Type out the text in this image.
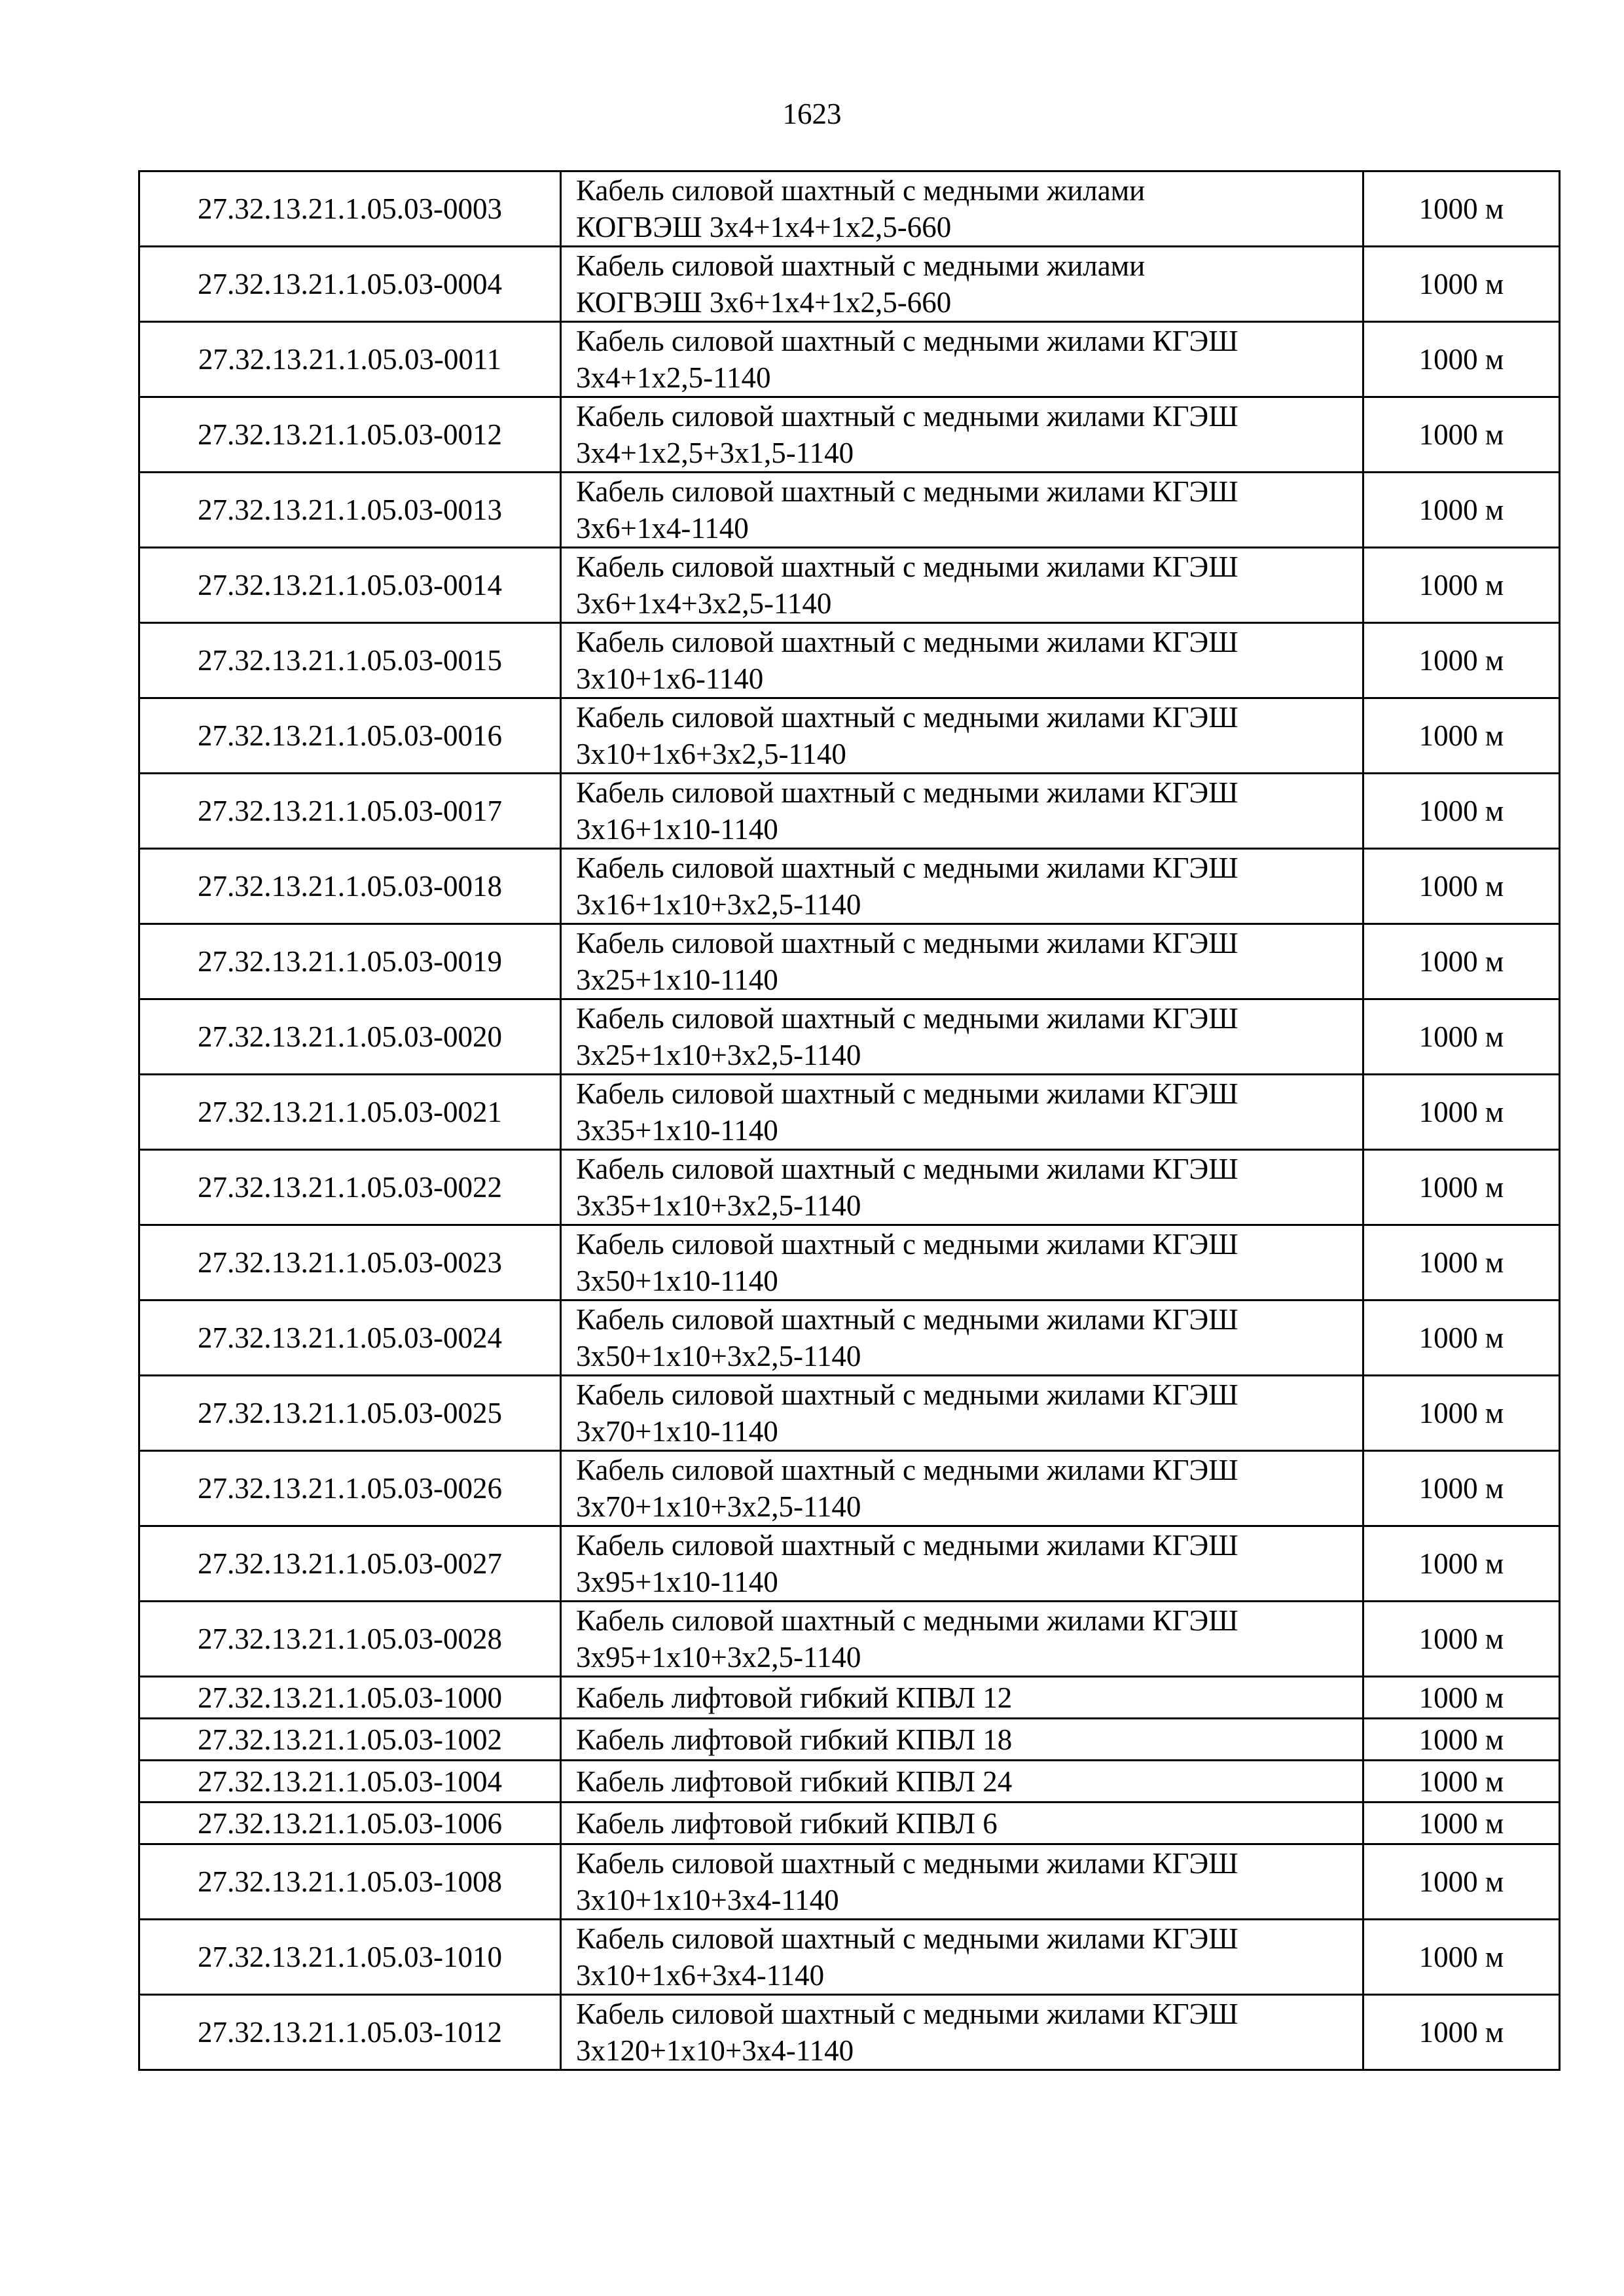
1623
27.32.13.21.1.05.03-0003	Кабель силовой шахтный с медными жилами
КОГВЭШ 3x4+1x4+1x2,5-660	1000 м
27.32.13.21.1.05.03-0004	Кабель силовой шахтный с медными жилами
КОГВЭШ 3x6+1x4+1x2,5-660	1000 м
27.32.13.21.1.05.03-0011	Кабель силовой шахтный с медными жилами КГЭШ
3x4+1x2,5-1140	1000 м
27.32.13.21.1.05.03-0012	Кабель силовой шахтный с медными жилами КГЭШ
3x4+1x2,5+3x1,5-1140	1000 м
27.32.13.21.1.05.03-0013	Кабель силовой шахтный с медными жилами КГЭШ
3x6+1x4-1140	1000 м
27.32.13.21.1.05.03-0014	Кабель силовой шахтный с медными жилами КГЭШ
3x6+1x4+3x2,5-1140	1000 м
27.32.13.21.1.05.03-0015	Кабель силовой шахтный с медными жилами КГЭШ
3x10+1x6-1140	1000 м
27.32.13.21.1.05.03-0016	Кабель силовой шахтный с медными жилами КГЭШ
3x10+1x6+3x2,5-1140	1000 м
27.32.13.21.1.05.03-0017	Кабель силовой шахтный с медными жилами КГЭШ
3x16+1x10-1140	1000 м
27.32.13.21.1.05.03-0018	Кабель силовой шахтный с медными жилами КГЭШ
3x16+1x10+3x2,5-1140	1000 м
27.32.13.21.1.05.03-0019	Кабель силовой шахтный с медными жилами КГЭШ
3x25+1x10-1140	1000 м
27.32.13.21.1.05.03-0020	Кабель силовой шахтный с медными жилами КГЭШ
3x25+1x10+3x2,5-1140	1000 м
27.32.13.21.1.05.03-0021	Кабель силовой шахтный с медными жилами КГЭШ
3x35+1x10-1140	1000 м
27.32.13.21.1.05.03-0022	Кабель силовой шахтный с медными жилами КГЭШ
3x35+1x10+3x2,5-1140	1000 м
27.32.13.21.1.05.03-0023	Кабель силовой шахтный с медными жилами КГЭШ
3x50+1x10-1140	1000 м
27.32.13.21.1.05.03-0024	Кабель силовой шахтный с медными жилами КГЭШ
3x50+1x10+3x2,5-1140	1000 м
27.32.13.21.1.05.03-0025	Кабель силовой шахтный с медными жилами КГЭШ
3x70+1x10-1140	1000 м
27.32.13.21.1.05.03-0026	Кабель силовой шахтный с медными жилами КГЭШ
3x70+1x10+3x2,5-1140	1000 м
27.32.13.21.1.05.03-0027	Кабель силовой шахтный с медными жилами КГЭШ
3x95+1x10-1140	1000 м
27.32.13.21.1.05.03-0028	Кабель силовой шахтный с медными жилами КГЭШ
3x95+1x10+3x2,5-1140	1000 м
27.32.13.21.1.05.03-1000	Кабель лифтовой гибкий КПВЛ 12	1000 м
27.32.13.21.1.05.03-1002	Кабель лифтовой гибкий КПВЛ 18	1000 м
27.32.13.21.1.05.03-1004	Кабель лифтовой гибкий КПВЛ 24	1000 м
27.32.13.21.1.05.03-1006	Кабель лифтовой гибкий КПВЛ 6	1000 м
27.32.13.21.1.05.03-1008	Кабель силовой шахтный с медными жилами КГЭШ
3x10+1x10+3x4-1140	1000 м
27.32.13.21.1.05.03-1010	Кабель силовой шахтный с медными жилами КГЭШ
3x10+1x6+3x4-1140	1000 м
27.32.13.21.1.05.03-1012	Кабель силовой шахтный с медными жилами КГЭШ
3x120+1x10+3x4-1140	1000 м
